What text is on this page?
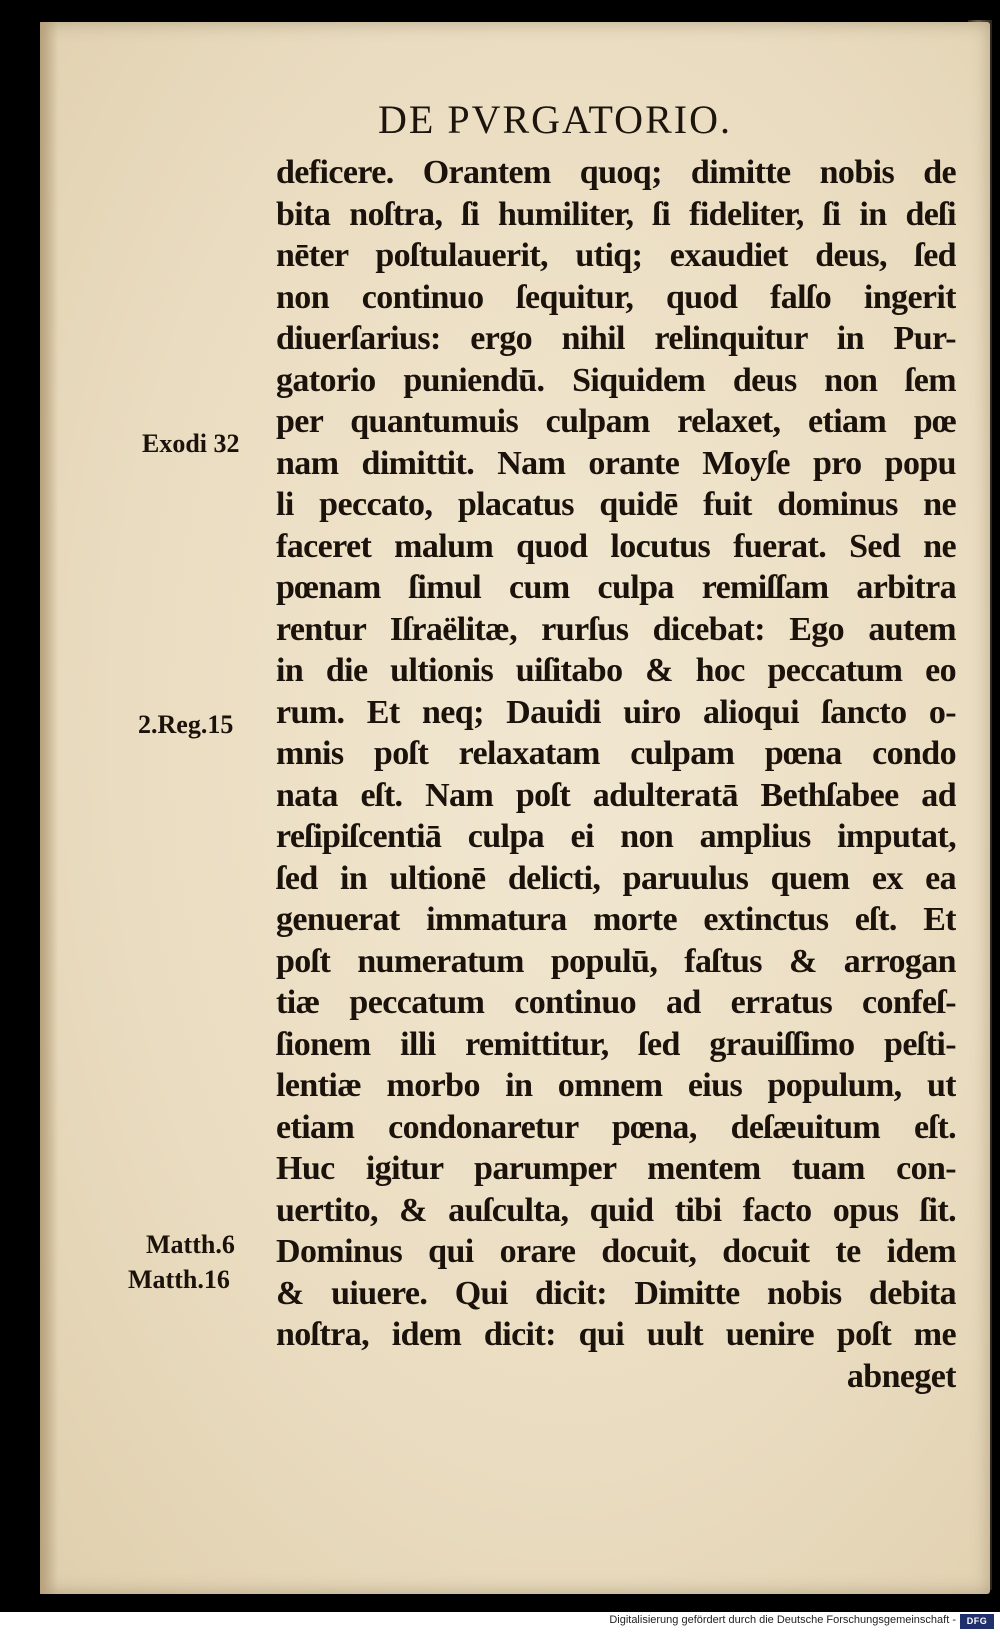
DE PVRGATORIO.
deficere. Orantem quoq; dimitte nobis de
bita noſtra, ſi humiliter, ſi fideliter, ſi in deſi
nēter poſtulauerit, utiq; exaudiet deus, ſed
non continuo ſequitur, quod falſo ingerit
diuerſarius: ergo nihil relinquitur in Pur-
gatorio puniendū. Siquidem deus non ſem
per quantumuis culpam relaxet, etiam pœ
nam dimittit. Nam orante Moyſe pro popu
li peccato, placatus quidē fuit dominus ne
faceret malum quod locutus fuerat. Sed ne
pœnam ſimul cum culpa remiſſam arbitra
rentur Iſraëlitæ, rurſus dicebat: Ego autem
in die ultionis uiſitabo & hoc peccatum eo
rum. Et neq; Dauidi uiro alioqui ſancto o-
mnis poſt relaxatam culpam pœna condo
nata eſt. Nam poſt adulteratā Bethſabee ad
reſipiſcentiā culpa ei non amplius imputat,
ſed in ultionē delicti, paruulus quem ex ea
genuerat immatura morte extinctus eſt. Et
poſt numeratum populū, faſtus & arrogan
tiæ peccatum continuo ad erratus confeſ-
ſionem illi remittitur, ſed grauiſſimo peſti-
lentiæ morbo in omnem eius populum, ut
etiam condonaretur pœna, deſæuitum eſt.
Huc igitur parumper mentem tuam con-
uertito, & auſculta, quid tibi facto opus ſit.
Dominus qui orare docuit, docuit te idem
& uiuere. Qui dicit: Dimitte nobis debita
noſtra, idem dicit: qui uult uenire poſt me
abneget
Exodi 32
2.Reg.15
Matth.6
Matth.16
Digitalisierung gefördert durch die Deutsche Forschungsgemeinschaft -	DFG
